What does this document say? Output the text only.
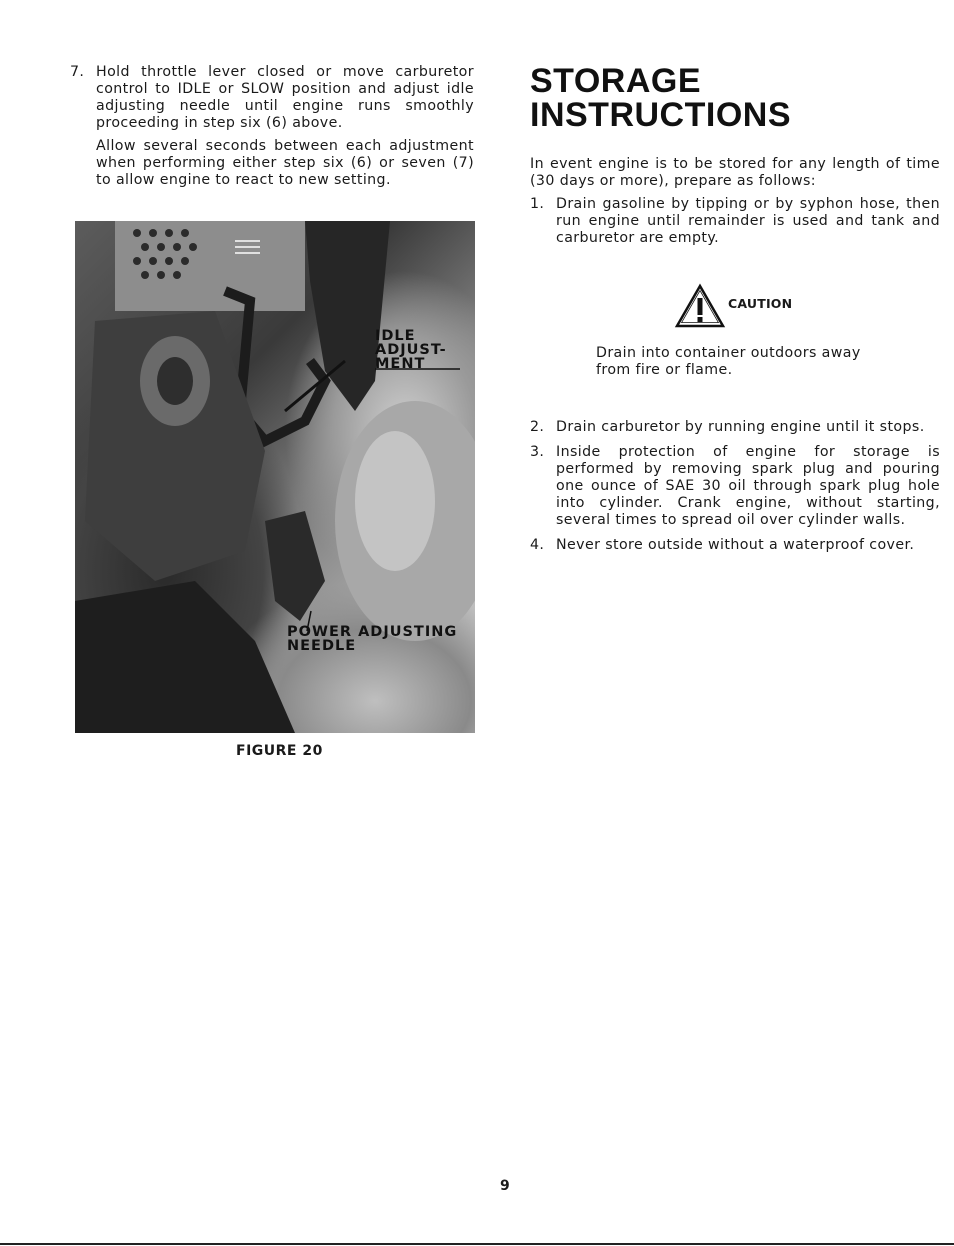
7. Hold throttle lever closed or move carburetor control to IDLE or SLOW position and adjust idle adjusting needle until engine runs smoothly proceeding in step six (6) above.

Allow several seconds between each adjustment when performing either step six (6) or seven (7) to allow engine to react to new setting.

IDLE ADJUST- MENT
POWER ADJUSTING NEEDLE
FIGURE 20
STORAGE INSTRUCTIONS

In event engine is to be stored for any length of time (30 days or more), prepare as follows:

1. Drain gasoline by tipping or by syphon hose, then run engine until remainder is used and tank and carburetor are empty.
CAUTION

Drain into container outdoors away from fire or flame.

2. Drain carburetor by running engine until it stops.
3. Inside protection of engine for storage is performed by removing spark plug and pouring one ounce of SAE 30 oil through spark plug hole into cylinder. Crank engine, without starting, several times to spread oil over cylinder walls.
4. Never store outside without a waterproof cover.
9
